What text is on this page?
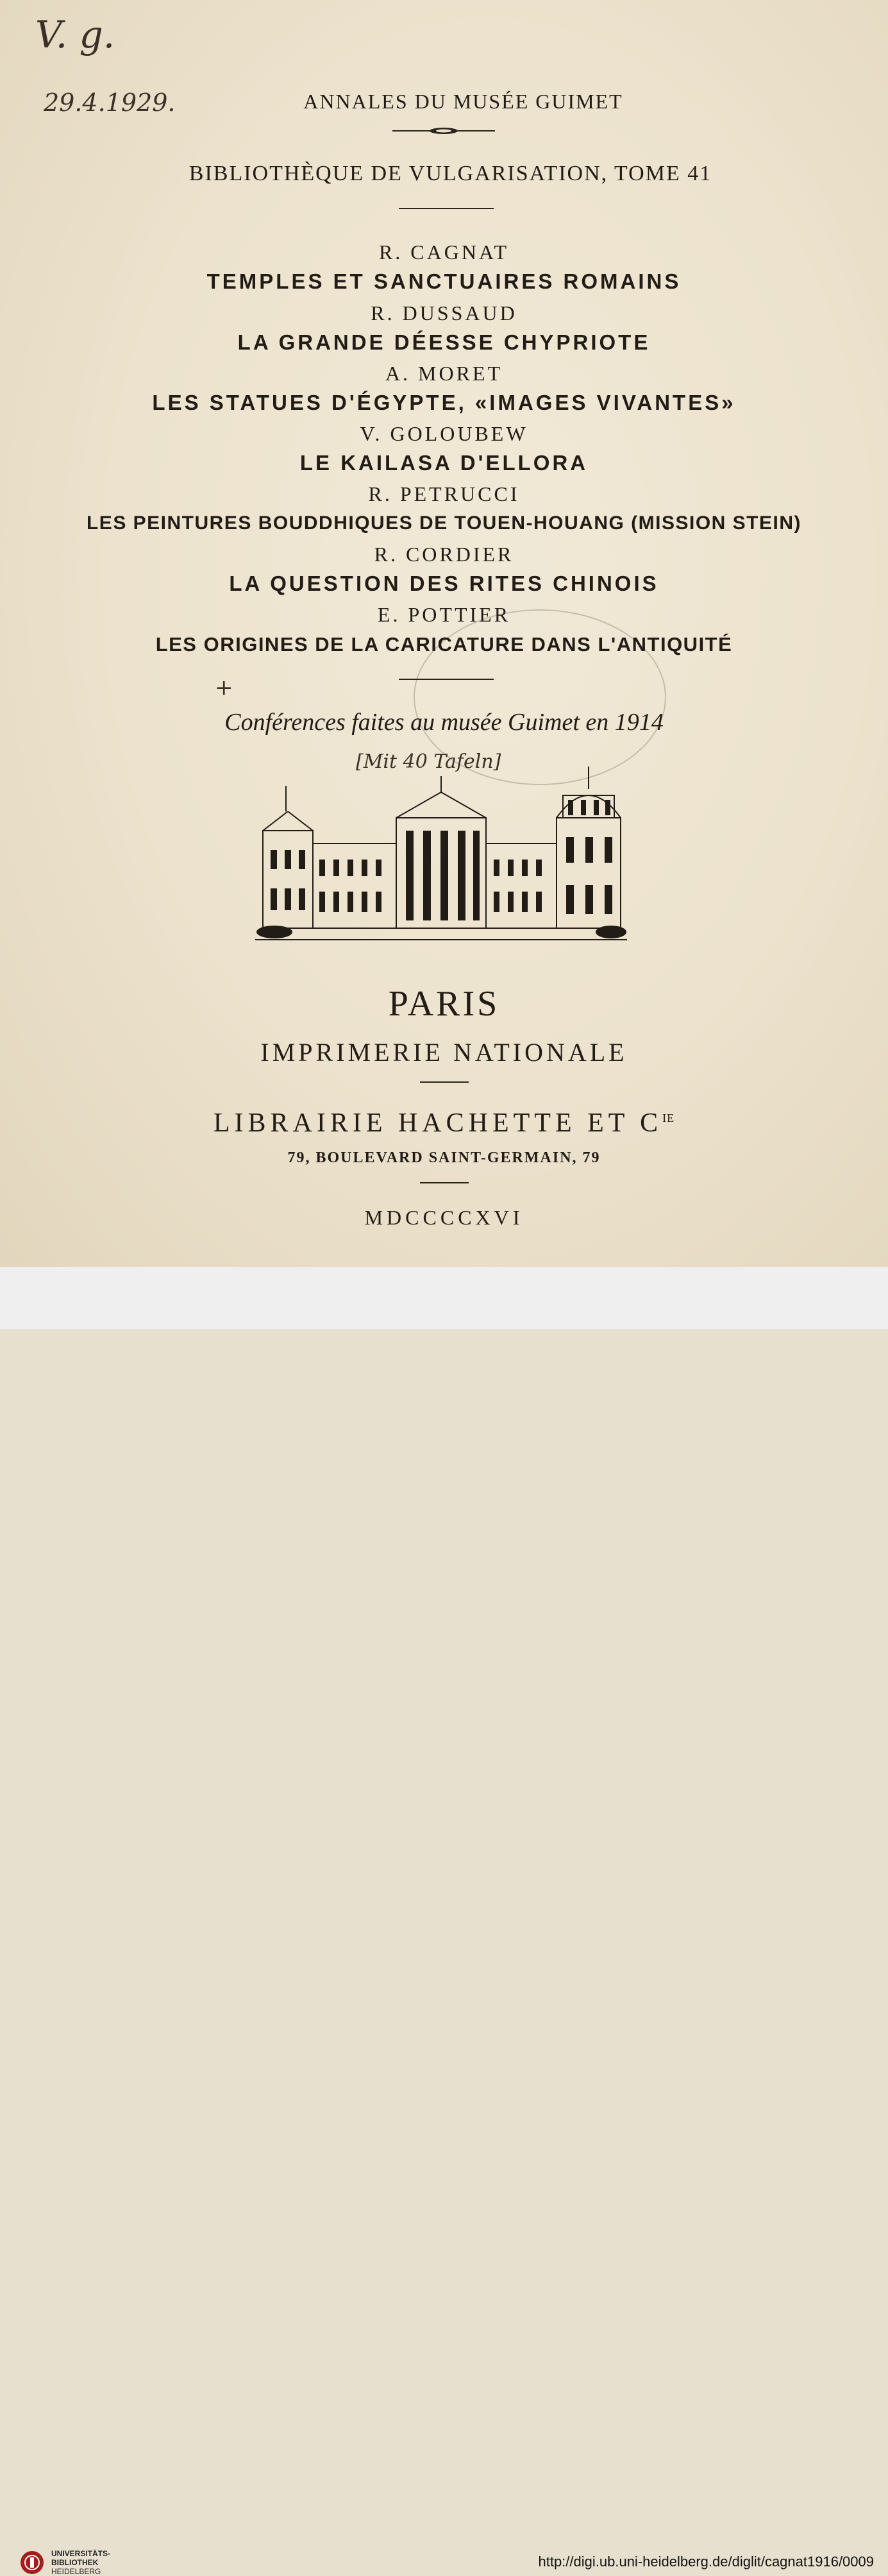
V. g.
29.4.1929.
+
[Mit 40 Tafeln]
ANNALES DU MUSÉE GUIMET
BIBLIOTHÈQUE DE VULGARISATION, TOME 41
R. CAGNAT
TEMPLES ET SANCTUAIRES ROMAINS
R. DUSSAUD
LA GRANDE DÉESSE CHYPRIOTE
A. MORET
LES STATUES D'ÉGYPTE, «IMAGES VIVANTES»
V. GOLOUBEW
LE KAILASA D'ELLORA
R. PETRUCCI
LES PEINTURES BOUDDHIQUES DE TOUEN-HOUANG (MISSION STEIN)
R. CORDIER
LA QUESTION DES RITES CHINOIS
E. POTTIER
LES ORIGINES DE LA CARICATURE DANS L'ANTIQUITÉ
Conférences faites au musée Guimet en 1914
PARIS
IMPRIMERIE NATIONALE
LIBRAIRIE HACHETTE ET $C^{IE}$
79, BOULEVARD SAINT-GERMAIN, 79
MDCCCCXVI
UNIVERSITÄTS-
BIBLIOTHEK
HEIDELBERG
http://digi.ub.uni-heidelberg.de/diglit/cagnat1916/0009
